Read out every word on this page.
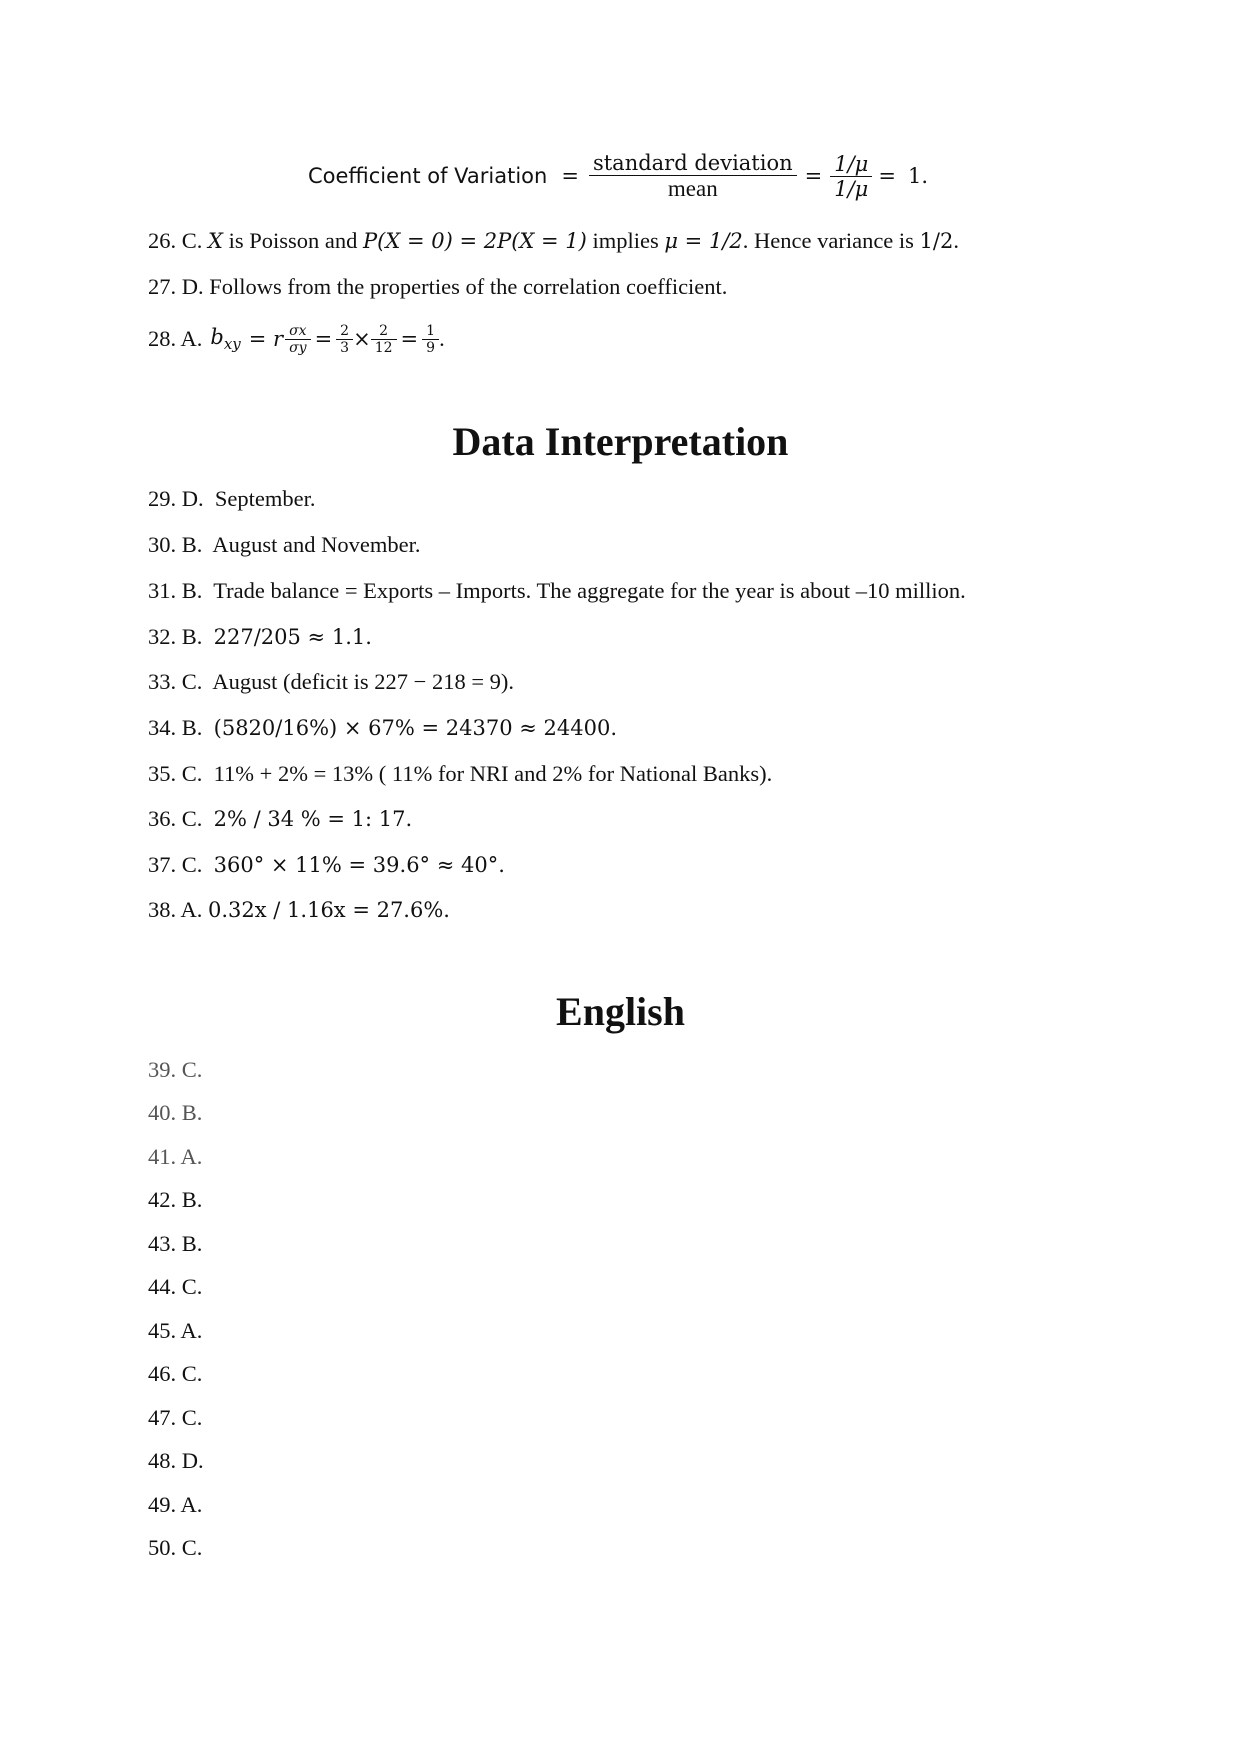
Coefficient of Variation = $\frac{\text{standard deviation}}{\text{mean}} = \frac{1/\mu}{1/\mu} = 1$.
26. C. X is Poisson and P(X = 0) = 2P(X = 1) implies μ = 1/2. Hence variance is 1/2.
27. D. Follows from the properties of the correlation coefficient.
28. A. $b_{xy} = r \frac{\sigma x}{\sigma y} = \frac{2}{3} \times \frac{2}{12} = \frac{1}{9}$ .
Data Interpretation
29. D. September.
30. B. August and November.
31. B. Trade balance = Exports – Imports. The aggregate for the year is about –10 million.
32. B. 227/205 ≈ 1.1.
33. C. August (deficit is 227 − 218 = 9).
34. B. (5820/16%) × 67% = 24370 ≈ 24400.
35. C. 11% + 2% = 13% ( 11% for NRI and 2% for National Banks).
36. C. 2% / 34 % = 1: 17.
37. C. 360° × 11% = 39.6° ≈ 40°.
38. A. 0.32x / 1.16x = 27.6%.
English
39. C.
40. B.
41. A.
42. B.
43. B.
44. C.
45. A.
46. C.
47. C.
48. D.
49. A.
50. C.
